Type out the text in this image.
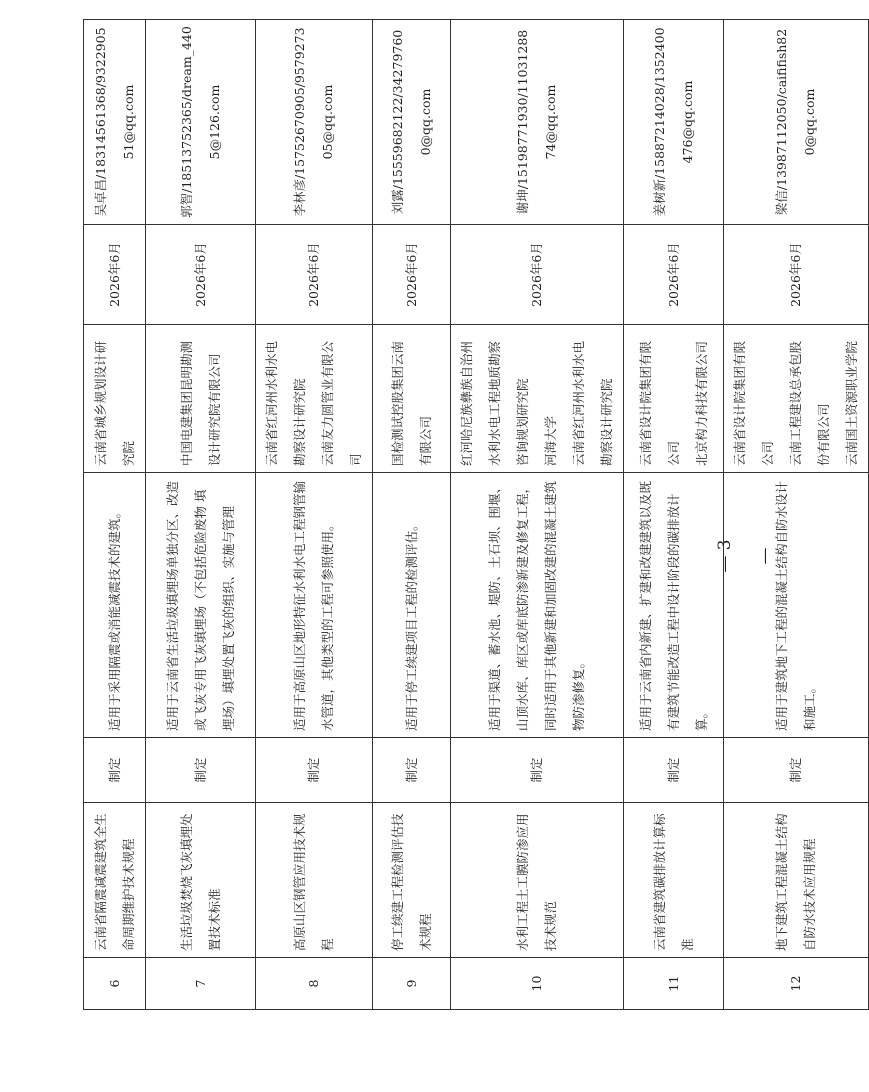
6	云南省隔震减震建筑全生命周期维护技术规程	制定	适用于采用隔震或消能减震技术的建筑。	云南省城乡规划设计研究院	2026年6月	吴卓昌/18314561368/932290551@qq.com
7	生活垃圾焚烧飞灰填埋处置技术标准	制定	适用于云南省生活垃圾填埋场单独分区、改造或飞灰专用飞灰填埋场（不包括危险废物 填埋场）填埋处置飞灰的组织、实施与管理	中国电建集团昆明勘测设计研究院有限公司	2026年6月	郭智/18513752365/dream_4405@126.com
8	高原山区钢管应用技术规程	制定	适用于高原山区地形特征水利水电工程钢管输水管道，其他类型的工程可参照使用。	云南省红河州水利水电勘察设计研究院 云南友力圆管业有限公司	2026年6月	李林彦/15752670905/957927305@qq.com
9	停工续建工程检测评估技术规程	制定	适用于停工续建项目工程的检测评估。	国检测试控股集团云南有限公司	2026年6月	刘露/15559682122/342797600@qq.com
10	水利工程土工膜防渗应用技术规范	制定	适用于渠道、蓄水池、堤防、土石坝、围堰、山顶水库、库区或库底防渗新建及修复工程，同时适用于其他新建和加固改建的混凝土建筑物防渗修复。	红河哈尼族彝族自治州水利水电工程地质勘察咨询规划研究院 河海大学 云南省红河州水利水电勘察设计研究院	2026年6月	谢坤/15198771930/1103128874@qq.com
11	云南省建筑碳排放计算标准	制定	适用于云南省内新建、扩建和改建建筑以及既有建筑节能改造工程中设计阶段的碳排放计算。	云南省设计院集团有限公司 北京构力科技有限公司	2026年6月	姜树新/15887214028/1352400476@qq.com
12	地下建筑工程混凝土结构自防水技术应用规程	制定	适用于建筑地下工程的混凝土结构自防水设计和施工。	云南省设计院集团有限公司 云南工程建设总承包股份有限公司 云南国土资源职业学院	2026年6月	梁信/13987112050/caififish820@qq.com
— 3 —
